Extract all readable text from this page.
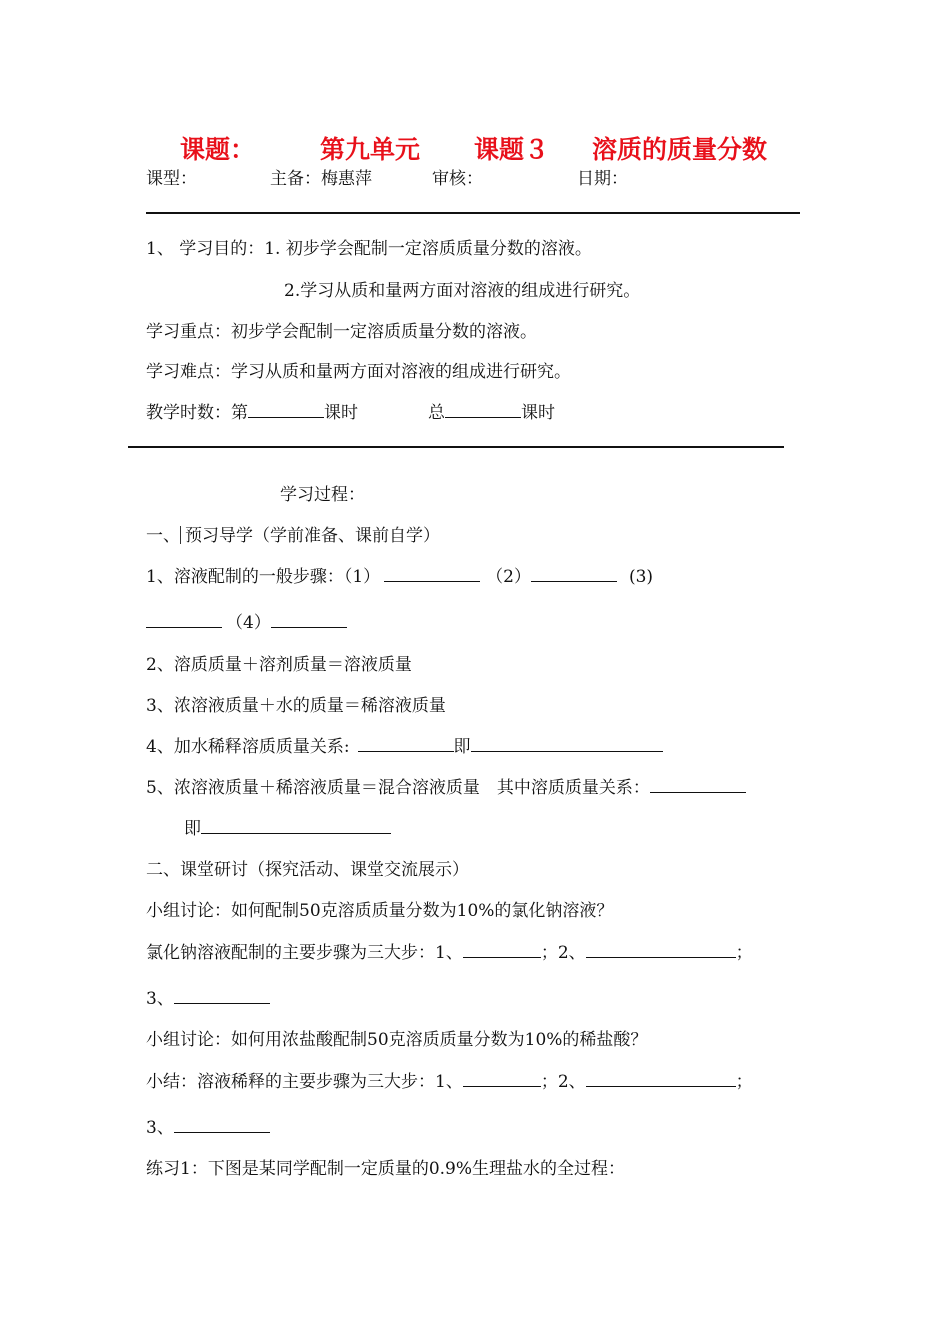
课题：	第九单元 课题３ 溶质的质量分数
课型：	主备：梅惠萍	审核：	日期：
1、 学习目的：1. 初步学会配制一定溶质质量分数的溶液。
2.学习从质和量两方面对溶液的组成进行研究。
学习重点：初步学会配制一定溶质质量分数的溶液。
学习难点：学习从质和量两方面对溶液的组成进行研究。
教学时数：第	课时	总	课时
学习过程：
一、 预习导学（学前准备、课前自学）
1、溶液配制的一般步骤：（1）	（2）	(3)
（4）
2、溶质质量＋溶剂质量＝溶液质量
3、浓溶液质量＋水的质量＝稀溶液质量
4、加水稀释溶质质量关系:	即
5、浓溶液质量＋稀溶液质量＝混合溶液质量　其中溶质质量关系：
即
二、课堂研讨（探究活动、课堂交流展示）
小组讨论：如何配制50克溶质质量分数为10%的氯化钠溶液？
氯化钠溶液配制的主要步骤为三大步：1、	；2、	；
3、
小组讨论：如何用浓盐酸配制50克溶质质量分数为10%的稀盐酸？
小结：溶液稀释的主要步骤为三大步：1、	；2、	；
3、
练习1：下图是某同学配制一定质量的0.9%生理盐水的全过程：
